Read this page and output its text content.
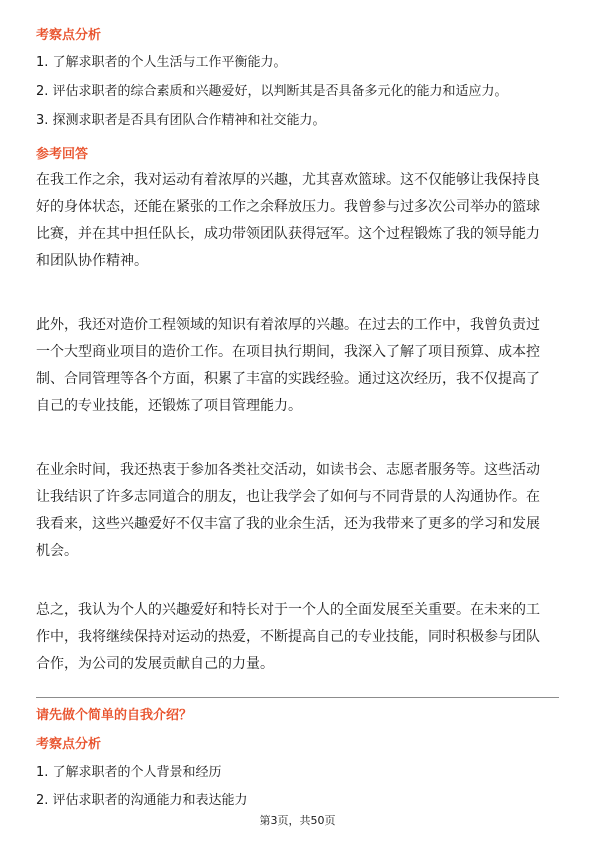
考察点分析
1. 了解求职者的个人生活与工作平衡能力。
2. 评估求职者的综合素质和兴趣爱好，以判断其是否具备多元化的能力和适应力。
3. 探测求职者是否具有团队合作精神和社交能力。
参考回答
在我工作之余，我对运动有着浓厚的兴趣，尤其喜欢篮球。这不仅能够让我保持良
好的身体状态，还能在紧张的工作之余释放压力。我曾参与过多次公司举办的篮球
比赛，并在其中担任队长，成功带领团队获得冠军。这个过程锻炼了我的领导能力
和团队协作精神。
此外，我还对造价工程领域的知识有着浓厚的兴趣。在过去的工作中，我曾负责过
一个大型商业项目的造价工作。在项目执行期间，我深入了解了项目预算、成本控
制、合同管理等各个方面，积累了丰富的实践经验。通过这次经历，我不仅提高了
自己的专业技能，还锻炼了项目管理能力。
在业余时间，我还热衷于参加各类社交活动，如读书会、志愿者服务等。这些活动
让我结识了许多志同道合的朋友，也让我学会了如何与不同背景的人沟通协作。在
我看来，这些兴趣爱好不仅丰富了我的业余生活，还为我带来了更多的学习和发展
机会。
总之，我认为个人的兴趣爱好和特长对于一个人的全面发展至关重要。在未来的工
作中，我将继续保持对运动的热爱，不断提高自己的专业技能，同时积极参与团队
合作，为公司的发展贡献自己的力量。
请先做个简单的自我介绍？
考察点分析
1. 了解求职者的个人背景和经历
2. 评估求职者的沟通能力和表达能力
第3页，共50页
